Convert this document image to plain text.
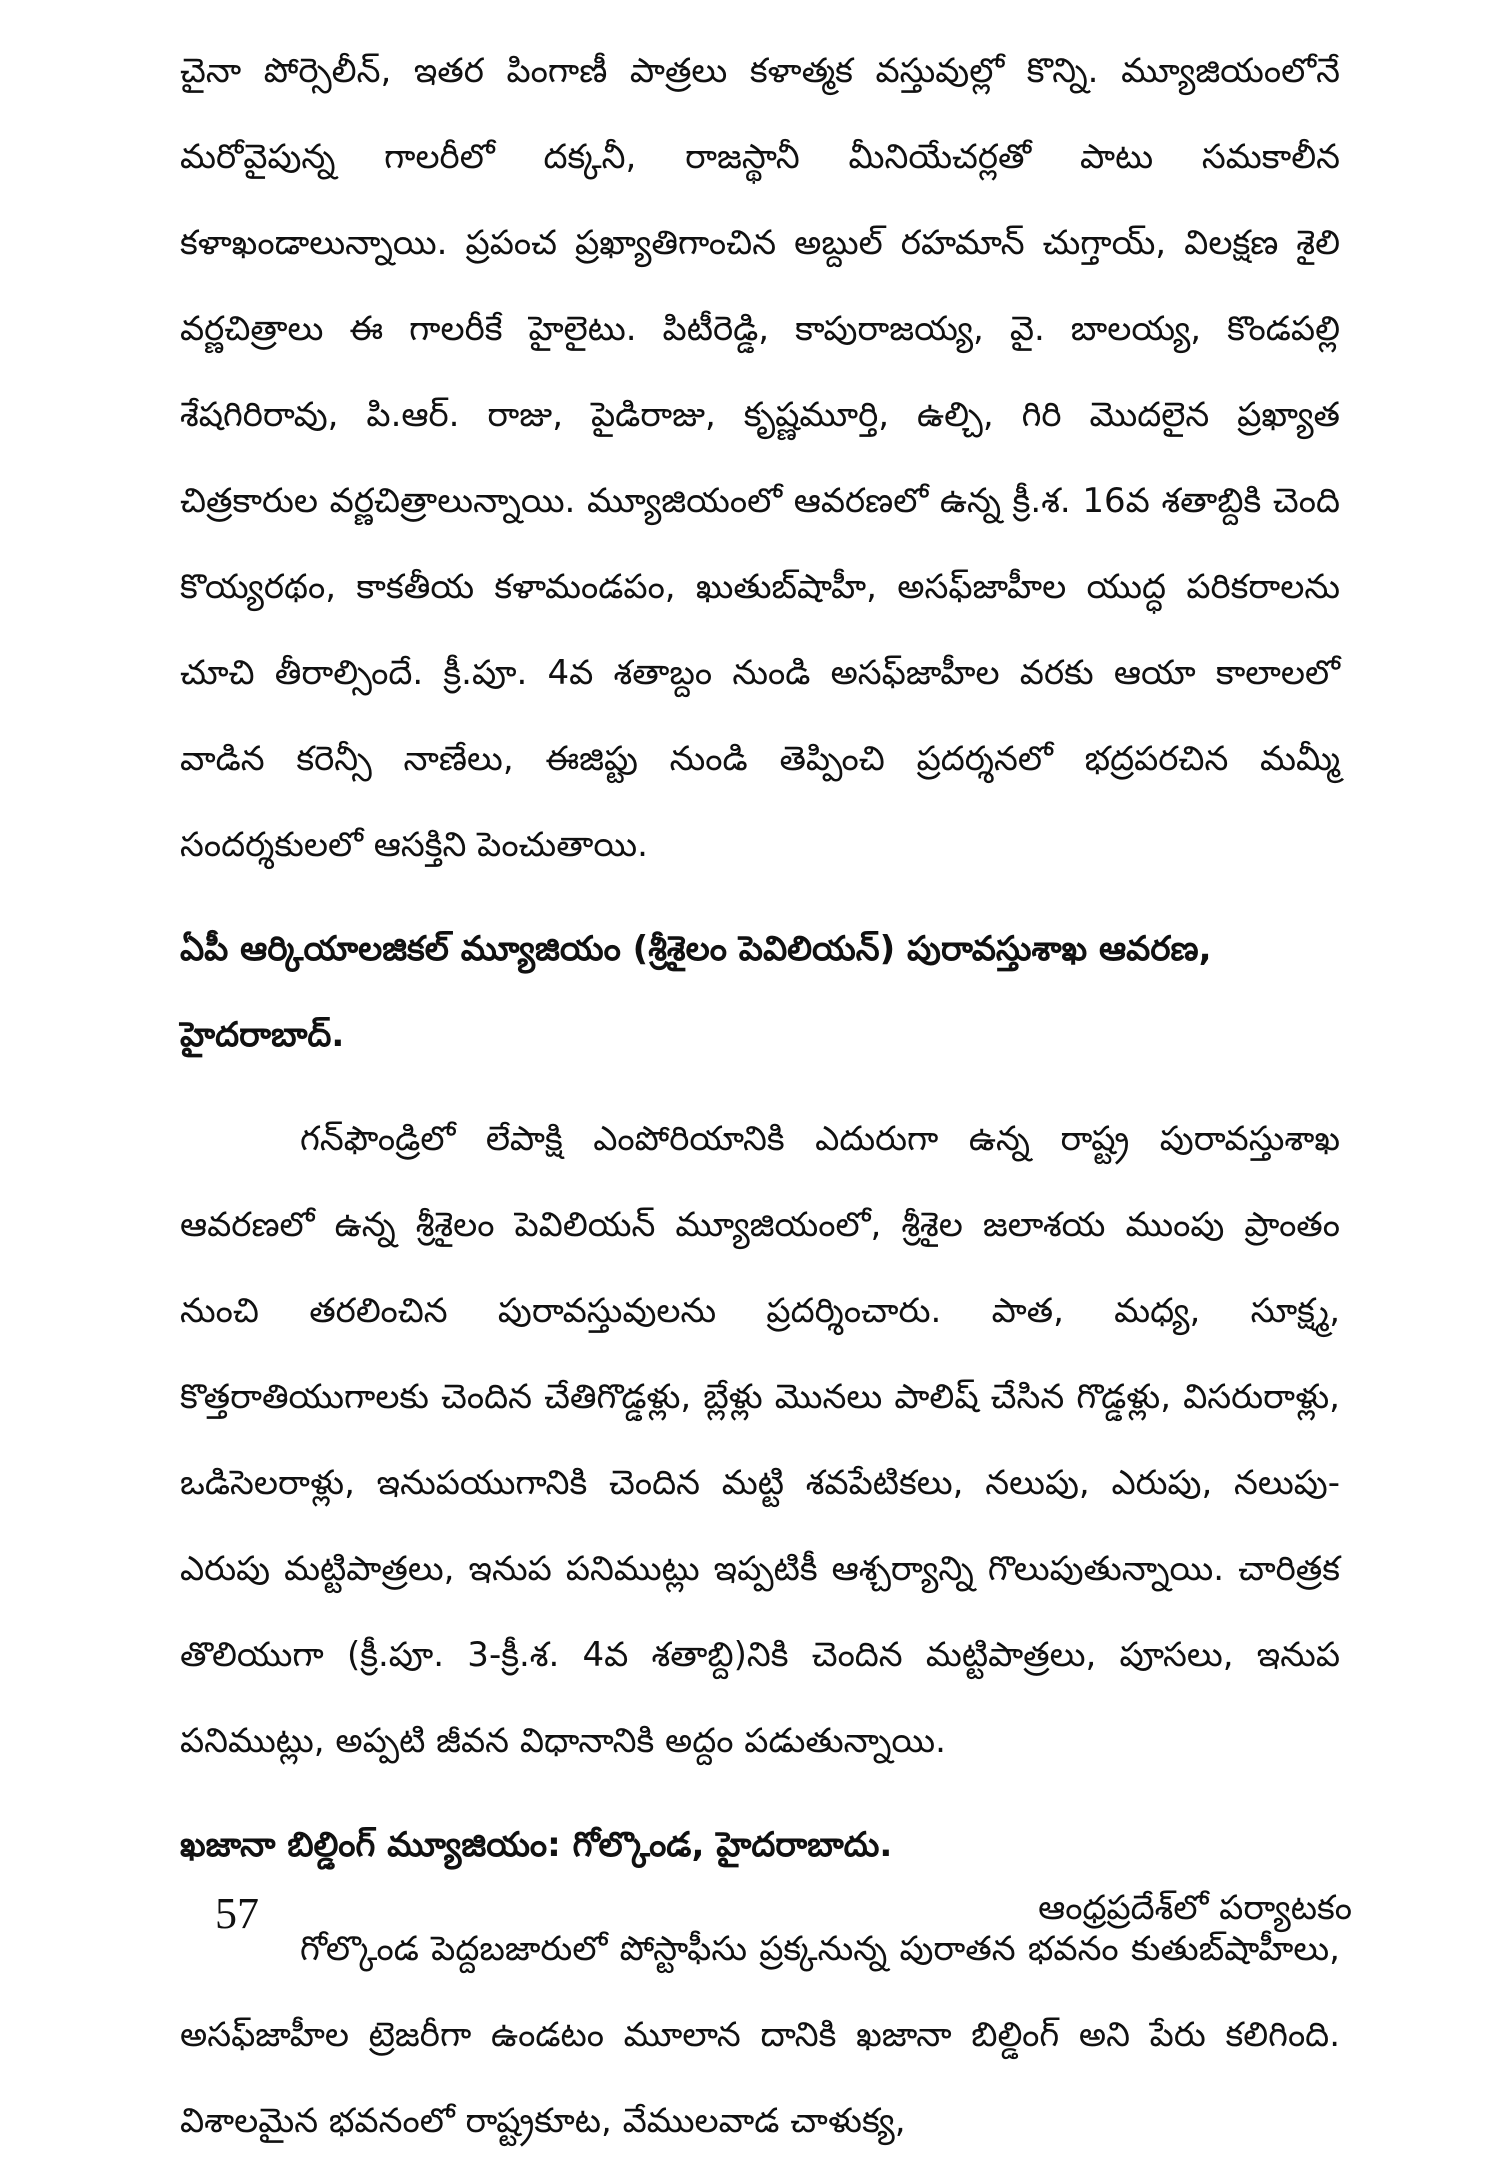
చైనా పోర్సెలీన్, ఇతర పింగాణీ పాత్రలు కళాత్మక వస్తువుల్లో కొన్ని. మ్యూజియంలోనే మరోవైపున్న గాలరీలో దక్కనీ, రాజస్థానీ మీనియేచర్లతో పాటు సమకాలీన కళాఖండాలున్నాయి. ప్రపంచ ప్రఖ్యాతిగాంచిన అబ్దుల్ రహమాన్ చుగ్తాయ్, విలక్షణ శైలి వర్ణచిత్రాలు ఈ గాలరీకే హైలైటు. పిటీరెడ్డి, కాపురాజయ్య, వై. బాలయ్య, కొండపల్లి శేషగిరిరావు, పి.ఆర్. రాజు, పైడిరాజు, కృష్ణమూర్తి, ఉల్చి, గిరి మొదలైన ప్రఖ్యాత చిత్రకారుల వర్ణచిత్రాలున్నాయి. మ్యూజియంలో ఆవరణలో ఉన్న క్రీ.శ. 16వ శతాబ్దికి చెంది కొయ్యరథం, కాకతీయ కళామండపం, ఖుతుబ్‌షాహీ, అసఫ్‌జాహీల యుద్ధ పరికరాలను చూచి తీరాల్సిందే. క్రీ.పూ. 4వ శతాబ్దం నుండి అసఫ్‌జాహీల వరకు ఆయా కాలాలలో వాడిన కరెన్సీ నాణేలు, ఈజిప్టు నుండి తెప్పించి ప్రదర్శనలో భద్రపరచిన మమ్మీ సందర్శకులలో ఆసక్తిని పెంచుతాయి.

ఏపీ ఆర్కియాలజికల్ మ్యూజియం (శ్రీశైలం పెవిలియన్) పురావస్తుశాఖ ఆవరణ, హైదరాబాద్.

గన్‌ఫౌండ్రిలో లేపాక్షి ఎంపోరియానికి ఎదురుగా ఉన్న రాష్ట్ర పురావస్తుశాఖ ఆవరణలో ఉన్న శ్రీశైలం పెవిలియన్ మ్యూజియంలో, శ్రీశైల జలాశయ ముంపు ప్రాంతం నుంచి తరలించిన పురావస్తువులను ప్రదర్శించారు. పాత, మధ్య, సూక్ష్మ, కొత్తరాతియుగాలకు చెందిన చేతిగొడ్డళ్లు, బ్లేళ్లు మొనలు పాలిష్ చేసిన గొడ్డళ్లు, విసరురాళ్లు, ఒడిసెలరాళ్లు, ఇనుపయుగానికి చెందిన మట్టి శవపేటికలు, నలుపు, ఎరుపు, నలుపు-ఎరుపు మట్టిపాత్రలు, ఇనుప పనిముట్లు ఇప్పటికీ ఆశ్చర్యాన్ని గొలుపుతున్నాయి. చారిత్రక తొలియుగా (క్రీ.పూ. 3-క్రీ.శ. 4వ శతాబ్ది)నికి చెందిన మట్టిపాత్రలు, పూసలు, ఇనుప పనిముట్లు, అప్పటి జీవన విధానానికి అద్దం పడుతున్నాయి.

ఖజానా బిల్డింగ్ మ్యూజియం: గోల్కొండ, హైదరాబాదు.

గోల్కొండ పెద్దబజారులో పోస్టాఫీసు ప్రక్కనున్న పురాతన భవనం కుతుబ్‌షాహీలు, అసఫ్‌జాహీల ట్రెజరీగా ఉండటం మూలాన దానికి ఖజానా బిల్డింగ్ అని పేరు కలిగింది. విశాలమైన భవనంలో రాష్ట్రకూట, వేములవాడ చాళుక్య,

57	ఆంధ్రప్రదేశ్‌లో పర్యాటకం
